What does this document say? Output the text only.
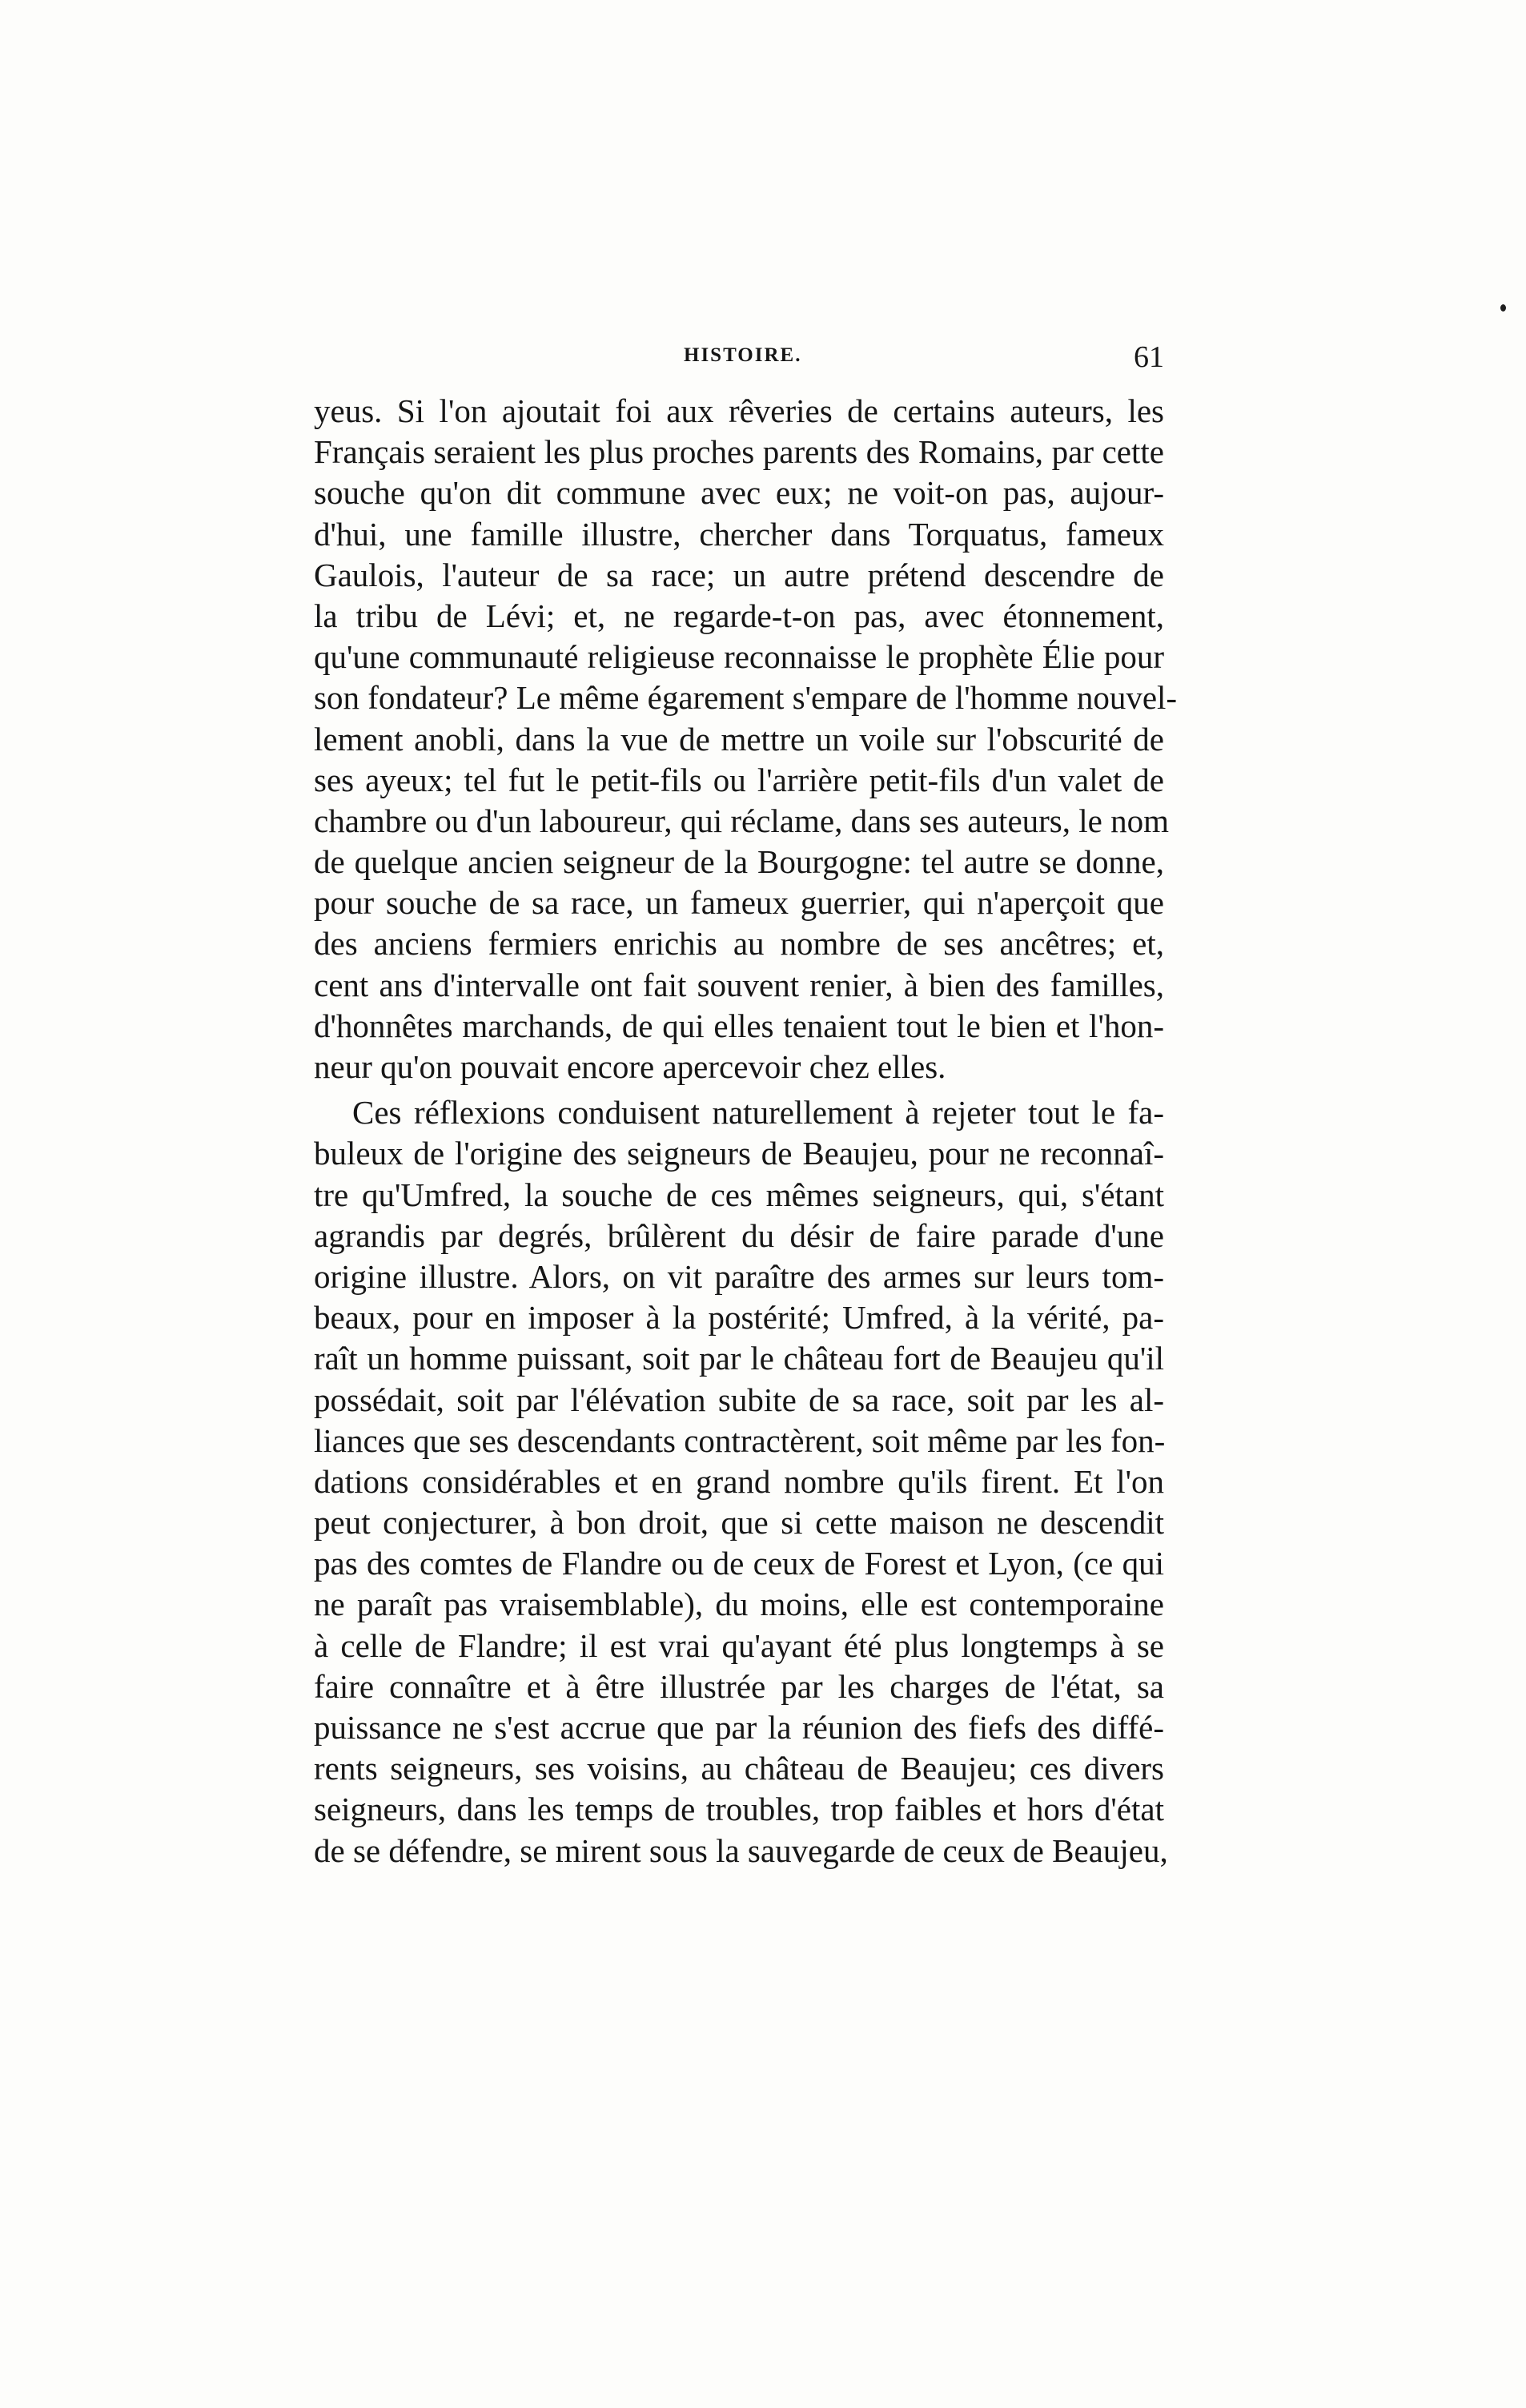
HISTOIRE.	61
yeus. Si l'on ajoutait foi aux rêveries de certains auteurs, les
Français seraient les plus proches parents des Romains, par cette
souche qu'on dit commune avec eux; ne voit-on pas, aujour-
d'hui, une famille illustre, chercher dans Torquatus, fameux
Gaulois, l'auteur de sa race; un autre prétend descendre de
la tribu de Lévi; et, ne regarde-t-on pas, avec étonnement,
qu'une communauté religieuse reconnaisse le prophète Élie pour
son fondateur? Le même égarement s'empare de l'homme nouvel-
lement anobli, dans la vue de mettre un voile sur l'obscurité de
ses ayeux; tel fut le petit-fils ou l'arrière petit-fils d'un valet de
chambre ou d'un laboureur, qui réclame, dans ses auteurs, le nom
de quelque ancien seigneur de la Bourgogne: tel autre se donne,
pour souche de sa race, un fameux guerrier, qui n'aperçoit que
des anciens fermiers enrichis au nombre de ses ancêtres; et,
cent ans d'intervalle ont fait souvent renier, à bien des familles,
d'honnêtes marchands, de qui elles tenaient tout le bien et l'hon-
neur qu'on pouvait encore apercevoir chez elles.
Ces réflexions conduisent naturellement à rejeter tout le fa-
buleux de l'origine des seigneurs de Beaujeu, pour ne reconnaî-
tre qu'Umfred, la souche de ces mêmes seigneurs, qui, s'étant
agrandis par degrés, brûlèrent du désir de faire parade d'une
origine illustre. Alors, on vit paraître des armes sur leurs tom-
beaux, pour en imposer à la postérité; Umfred, à la vérité, pa-
raît un homme puissant, soit par le château fort de Beaujeu qu'il
possédait, soit par l'élévation subite de sa race, soit par les al-
liances que ses descendants contractèrent, soit même par les fon-
dations considérables et en grand nombre qu'ils firent. Et l'on
peut conjecturer, à bon droit, que si cette maison ne descendit
pas des comtes de Flandre ou de ceux de Forest et Lyon, (ce qui
ne paraît pas vraisemblable), du moins, elle est contemporaine
à celle de Flandre; il est vrai qu'ayant été plus longtemps à se
faire connaître et à être illustrée par les charges de l'état, sa
puissance ne s'est accrue que par la réunion des fiefs des diffé-
rents seigneurs, ses voisins, au château de Beaujeu; ces divers
seigneurs, dans les temps de troubles, trop faibles et hors d'état
de se défendre, se mirent sous la sauvegarde de ceux de Beaujeu,
